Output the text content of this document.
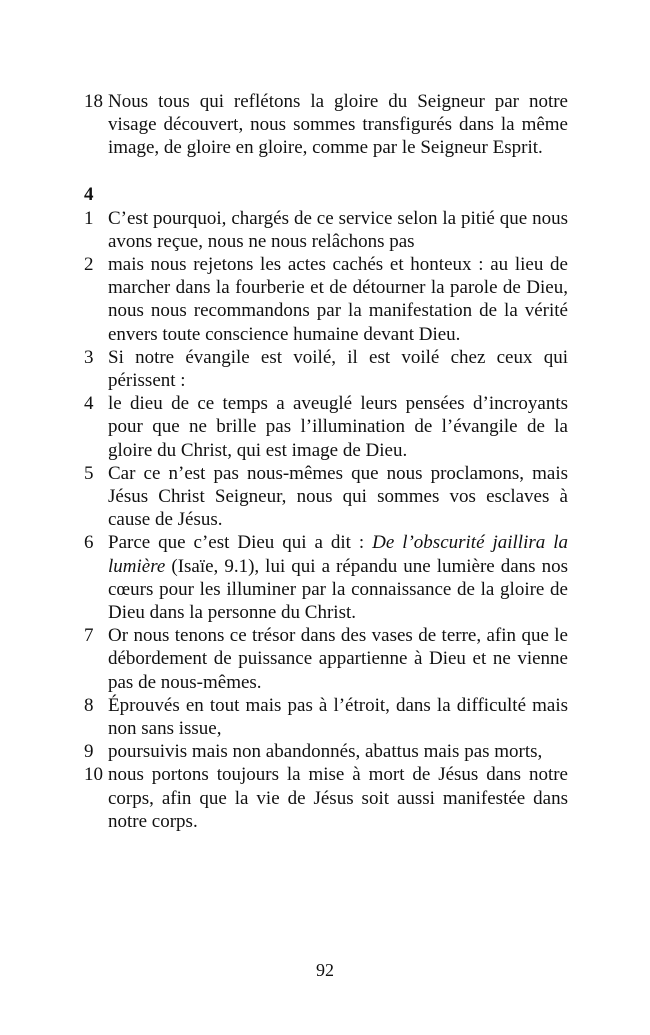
18 Nous tous qui reflétons la gloire du Seigneur par notre visage découvert, nous sommes transfigurés dans la même image, de gloire en gloire, comme par le Seigneur Esprit.
4
1 C’est pourquoi, chargés de ce service selon la pitié que nous avons reçue, nous ne nous relâchons pas
2 mais nous rejetons les actes cachés et honteux : au lieu de marcher dans la fourberie et de détourner la parole de Dieu, nous nous recommandons par la manifestation de la vérité envers toute conscience humaine devant Dieu.
3 Si notre évangile est voilé, il est voilé chez ceux qui périssent :
4 le dieu de ce temps a aveuglé leurs pensées d’incroyants pour que ne brille pas l’illumination de l’évangile de la gloire du Christ, qui est image de Dieu.
5 Car ce n’est pas nous-mêmes que nous proclamons, mais Jésus Christ Seigneur, nous qui sommes vos esclaves à cause de Jésus.
6 Parce que c’est Dieu qui a dit : De l’obscurité jaillira la lumière (Isaïe, 9.1), lui qui a répandu une lumière dans nos cœurs pour les illuminer par la connaissance de la gloire de Dieu dans la personne du Christ.
7 Or nous tenons ce trésor dans des vases de terre, afin que le débordement de puissance appartienne à Dieu et ne vienne pas de nous-mêmes.
8 Éprouvés en tout mais pas à l’étroit, dans la difficulté mais non sans issue,
9 poursuivis mais non abandonnés, abattus mais pas morts,
10 nous portons toujours la mise à mort de Jésus dans notre corps, afin que la vie de Jésus soit aussi manifestée dans notre corps.
92
